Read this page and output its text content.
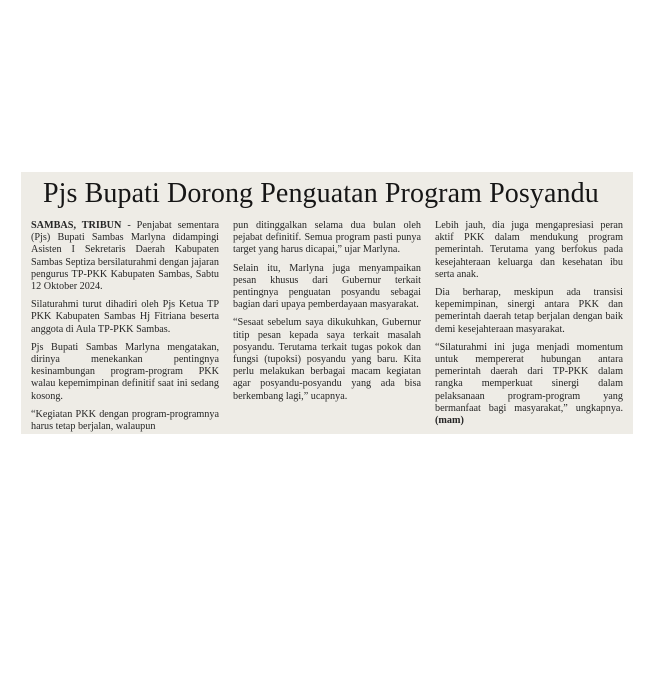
Pjs Bupati Dorong Penguatan Program Posyandu

SAMBAS, TRIBUN - Penjabat sementara (Pjs) Bupati Sambas Marlyna didampingi Asisten I Sekretaris Daerah Kabupaten Sambas Septiza bersilaturahmi dengan jajaran pengurus TP-PKK Kabupaten Sambas, Sabtu 12 Oktober 2024.

Silaturahmi turut dihadiri oleh Pjs Ketua TP PKK Kabupaten Sambas Hj Fitriana beserta anggota di Aula TP-PKK Sambas.

Pjs Bupati Sambas Marlyna mengatakan, dirinya menekankan pentingnya kesinambungan program-program PKK walau kepemimpinan definitif saat ini sedang kosong.

“Kegiatan PKK dengan program-programnya harus tetap berjalan, walaupun

pun ditinggalkan selama dua bulan oleh pejabat definitif. Semua program pasti punya target yang harus dicapai,” ujar Marlyna.

Selain itu, Marlyna juga menyampaikan pesan khusus dari Gubernur terkait pentingnya penguatan posyandu sebagai bagian dari upaya pemberdayaan masyarakat.

“Sesaat sebelum saya dikukuhkan, Gubernur titip pesan kepada saya terkait masalah posyandu. Terutama terkait tugas pokok dan fungsi (tupoksi) posyandu yang baru. Kita perlu melakukan berbagai macam kegiatan agar posyandu-posyandu yang ada bisa berkembang lagi,” ucapnya.

Lebih jauh, dia juga mengapresiasi peran aktif PKK dalam mendukung program pemerintah. Terutama yang berfokus pada kesejahteraan keluarga dan kesehatan ibu serta anak.

Dia berharap, meskipun ada transisi kepemimpinan, sinergi antara PKK dan pemerintah daerah tetap berjalan dengan baik demi kesejahteraan masyarakat.

“Silaturahmi ini juga menjadi momentum untuk mempererat hubungan antara pemerintah daerah dari TP-PKK dalam rangka memperkuat sinergi dalam pelaksanaan program-program yang bermanfaat bagi masyarakat,” ungkapnya. (mam)
